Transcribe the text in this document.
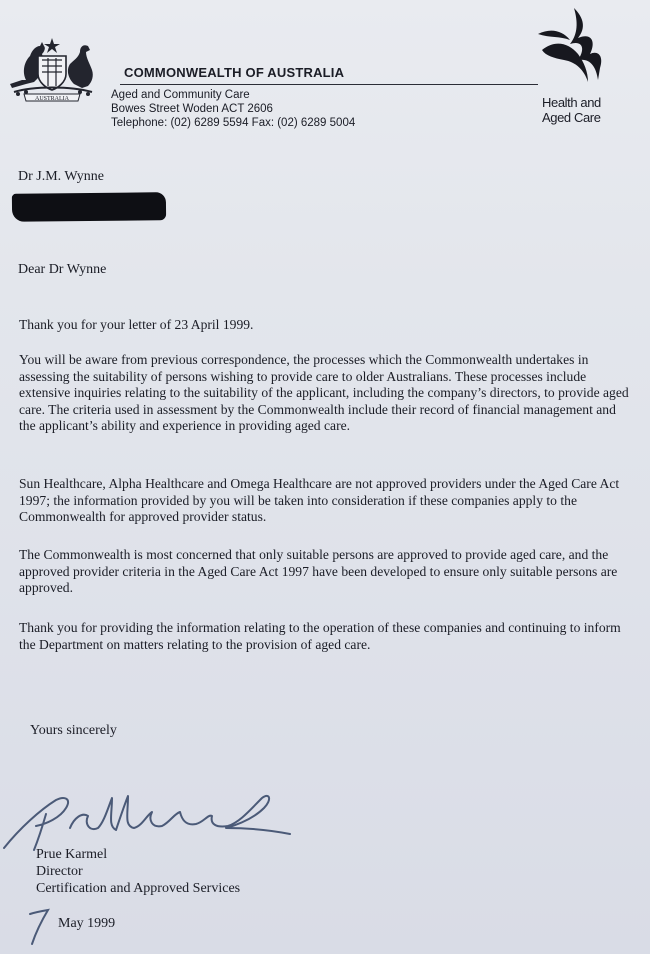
AUSTRALIA
COMMONWEALTH OF AUSTRALIA
Aged and Community Care
Bowes Street Woden ACT 2606
Telephone: (02) 6289 5594 Fax: (02) 6289 5004
Health and
Aged Care
Dr J.M. Wynne
Dear Dr Wynne
Thank you for your letter of 23 April 1999.
You will be aware from previous correspondence, the processes which the Commonwealth undertakes in assessing the suitability of persons wishing to provide care to older Australians. These processes include extensive inquiries relating to the suitability of the applicant, including the company’s directors, to provide aged care. The criteria used in assessment by the Commonwealth include their record of financial management and the applicant’s ability and experience in providing aged care.
Sun Healthcare, Alpha Healthcare and Omega Healthcare are not approved providers under the Aged Care Act 1997; the information provided by you will be taken into consideration if these companies apply to the Commonwealth for approved provider status.
The Commonwealth is most concerned that only suitable persons are approved to provide aged care, and the approved provider criteria in the Aged Care Act 1997 have been developed to ensure only suitable persons are approved.
Thank you for providing the information relating to the operation of these companies and continuing to inform the Department on matters relating to the provision of aged care.
Yours sincerely
Prue Karmel
Director
Certification and Approved Services
7
May 1999
